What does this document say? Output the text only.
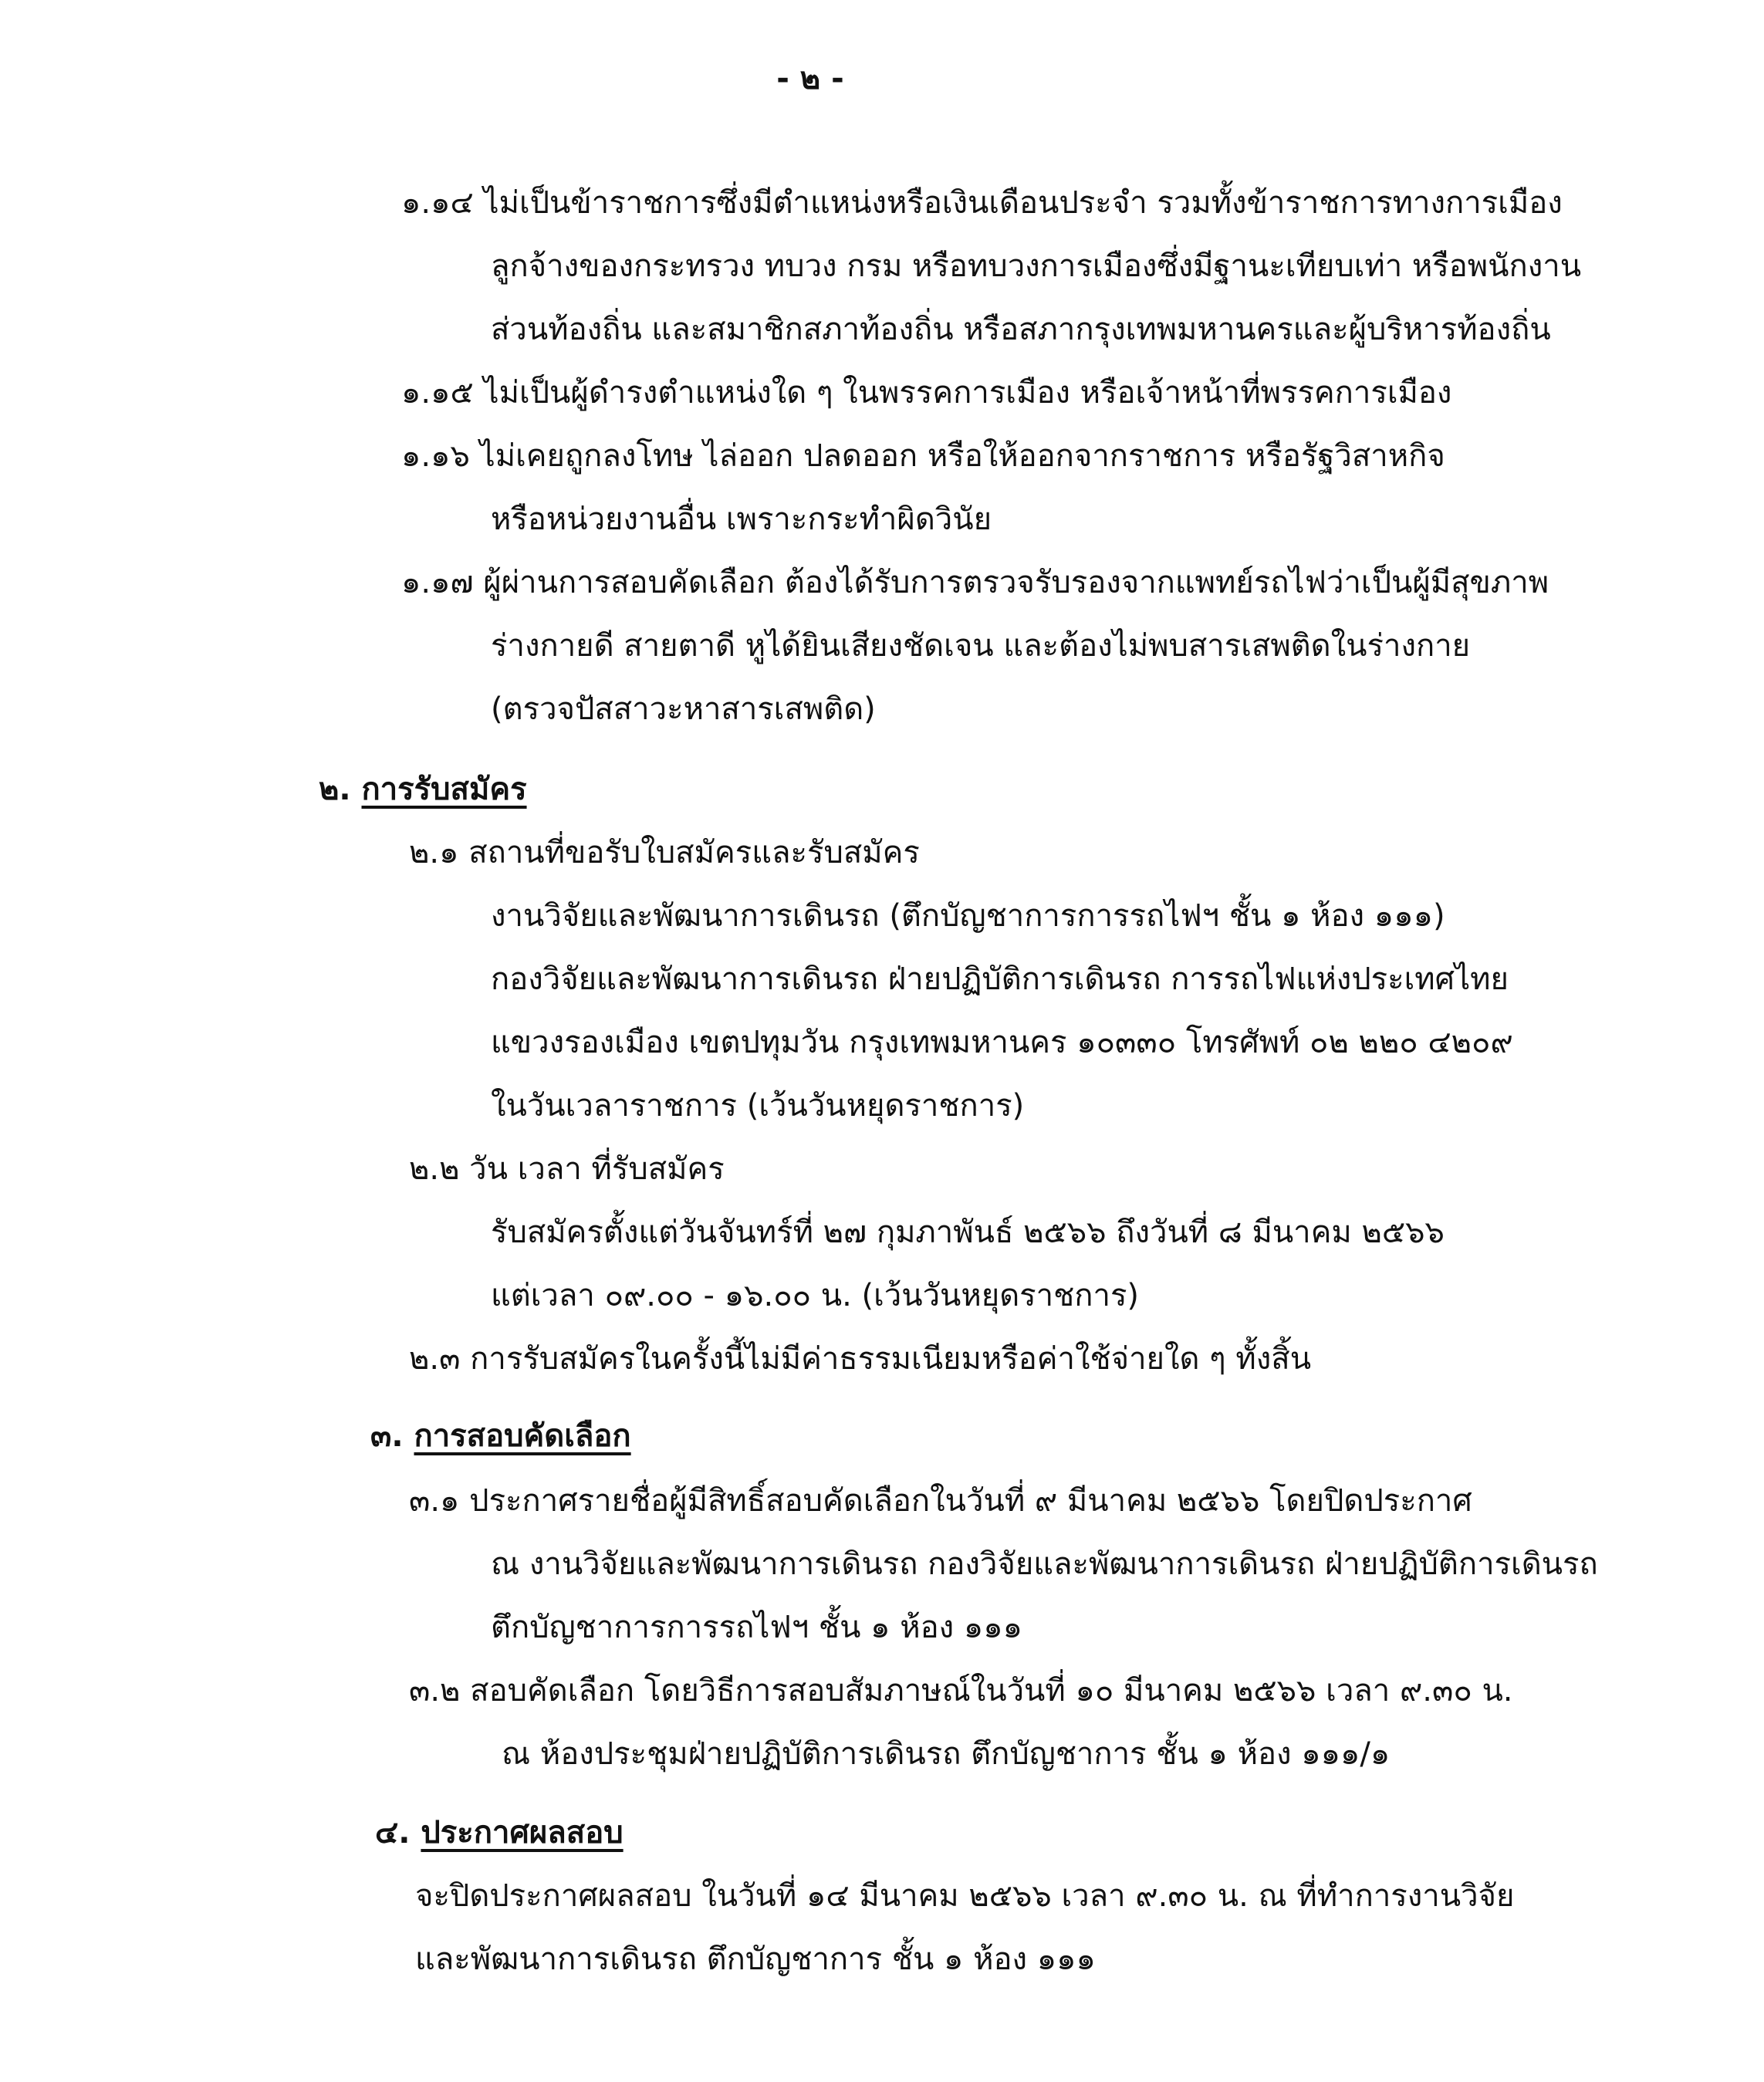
- ๒ -
๑.๑๔ ไม่เป็นข้าราชการซึ่งมีตำแหน่งหรือเงินเดือนประจำ รวมทั้งข้าราชการทางการเมือง
ลูกจ้างของกระทรวง ทบวง กรม หรือทบวงการเมืองซึ่งมีฐานะเทียบเท่า หรือพนักงาน
ส่วนท้องถิ่น และสมาชิกสภาท้องถิ่น หรือสภากรุงเทพมหานครและผู้บริหารท้องถิ่น
๑.๑๕ ไม่เป็นผู้ดำรงตำแหน่งใด ๆ ในพรรคการเมือง หรือเจ้าหน้าที่พรรคการเมือง
๑.๑๖ ไม่เคยถูกลงโทษ ไล่ออก ปลดออก หรือให้ออกจากราชการ หรือรัฐวิสาหกิจ
หรือหน่วยงานอื่น เพราะกระทำผิดวินัย
๑.๑๗ ผู้ผ่านการสอบคัดเลือก ต้องได้รับการตรวจรับรองจากแพทย์รถไฟว่าเป็นผู้มีสุขภาพ
ร่างกายดี สายตาดี หูได้ยินเสียงชัดเจน และต้องไม่พบสารเสพติดในร่างกาย
(ตรวจปัสสาวะหาสารเสพติด)
๒. การรับสมัคร
๒.๑ สถานที่ขอรับใบสมัครและรับสมัคร
งานวิจัยและพัฒนาการเดินรถ (ตึกบัญชาการการรถไฟฯ ชั้น ๑ ห้อง ๑๑๑)
กองวิจัยและพัฒนาการเดินรถ ฝ่ายปฏิบัติการเดินรถ การรถไฟแห่งประเทศไทย
แขวงรองเมือง เขตปทุมวัน กรุงเทพมหานคร ๑๐๓๓๐ โทรศัพท์ ๐๒ ๒๒๐ ๔๒๐๙
ในวันเวลาราชการ (เว้นวันหยุดราชการ)
๒.๒ วัน เวลา ที่รับสมัคร
รับสมัครตั้งแต่วันจันทร์ที่ ๒๗ กุมภาพันธ์ ๒๕๖๖ ถึงวันที่ ๘ มีนาคม ๒๕๖๖
แต่เวลา ๐๙.๐๐ - ๑๖.๐๐ น. (เว้นวันหยุดราชการ)
๒.๓ การรับสมัครในครั้งนี้ไม่มีค่าธรรมเนียมหรือค่าใช้จ่ายใด ๆ ทั้งสิ้น
๓. การสอบคัดเลือก
๓.๑ ประกาศรายชื่อผู้มีสิทธิ์สอบคัดเลือกในวันที่ ๙ มีนาคม ๒๕๖๖ โดยปิดประกาศ
ณ งานวิจัยและพัฒนาการเดินรถ กองวิจัยและพัฒนาการเดินรถ ฝ่ายปฏิบัติการเดินรถ
ตึกบัญชาการการรถไฟฯ ชั้น ๑ ห้อง ๑๑๑
๓.๒ สอบคัดเลือก โดยวิธีการสอบสัมภาษณ์ในวันที่ ๑๐ มีนาคม ๒๕๖๖ เวลา ๙.๓๐ น.
ณ ห้องประชุมฝ่ายปฏิบัติการเดินรถ ตึกบัญชาการ ชั้น ๑ ห้อง ๑๑๑/๑
๔. ประกาศผลสอบ
จะปิดประกาศผลสอบ ในวันที่ ๑๔ มีนาคม ๒๕๖๖ เวลา ๙.๓๐ น. ณ ที่ทำการงานวิจัย
และพัฒนาการเดินรถ ตึกบัญชาการ ชั้น ๑ ห้อง ๑๑๑
